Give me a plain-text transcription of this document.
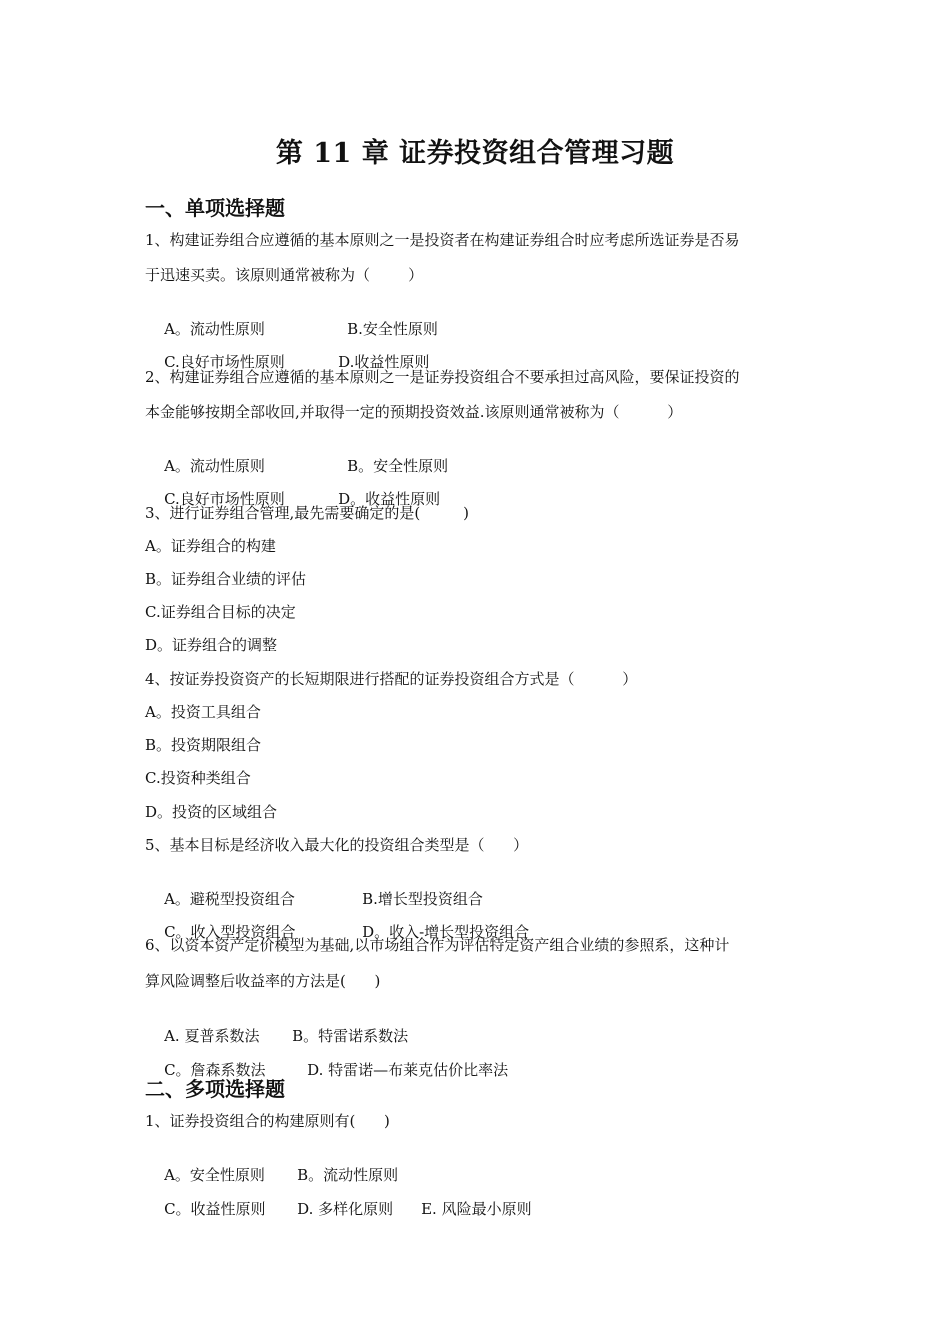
第 11 章 证券投资组合管理习题
一、单项选择题
1、构建证券组合应遵循的基本原则之一是投资者在构建证券组合时应考虑所选证券是否易
于迅速买卖。该原则通常被称为（        ）

A。流动性原则	B.安全性原则

C.良好市场性原则	D.收益性原则

2、构建证券组合应遵循的基本原则之一是证券投资组合不要承担过高风险，要保证投资的
本金能够按期全部收回,并取得一定的预期投资效益.该原则通常被称为（          ）

A。流动性原则	B。安全性原则

C.良好市场性原则	D。收益性原则

3、进行证券组合管理,最先需要确定的是(         )
A。证券组合的构建
B。证券组合业绩的评估
C.证券组合目标的决定
D。证券组合的调整
4、按证券投资资产的长短期限进行搭配的证券投资组合方式是（          ）
A。投资工具组合
B。投资期限组合
C.投资种类组合
D。投资的区域组合
5、基本目标是经济收入最大化的投资组合类型是（      ）

A。避税型投资组合	B.增长型投资组合

C。收入型投资组合	D。收入-增长型投资组合

6、以资本资产定价模型为基础,以市场组合作为评估特定资产组合业绩的参照系，这种计
算风险调整后收益率的方法是(      )

A. 夏普系数法 B。特雷诺系数法

C。詹森系数法	D. 特雷诺—布莱克估价比率法

二、多项选择题
1、证券投资组合的构建原则有(      )

A。安全性原则 B。流动性原则

C。收益性原则 D. 多样化原则 E. 风险最小原则
